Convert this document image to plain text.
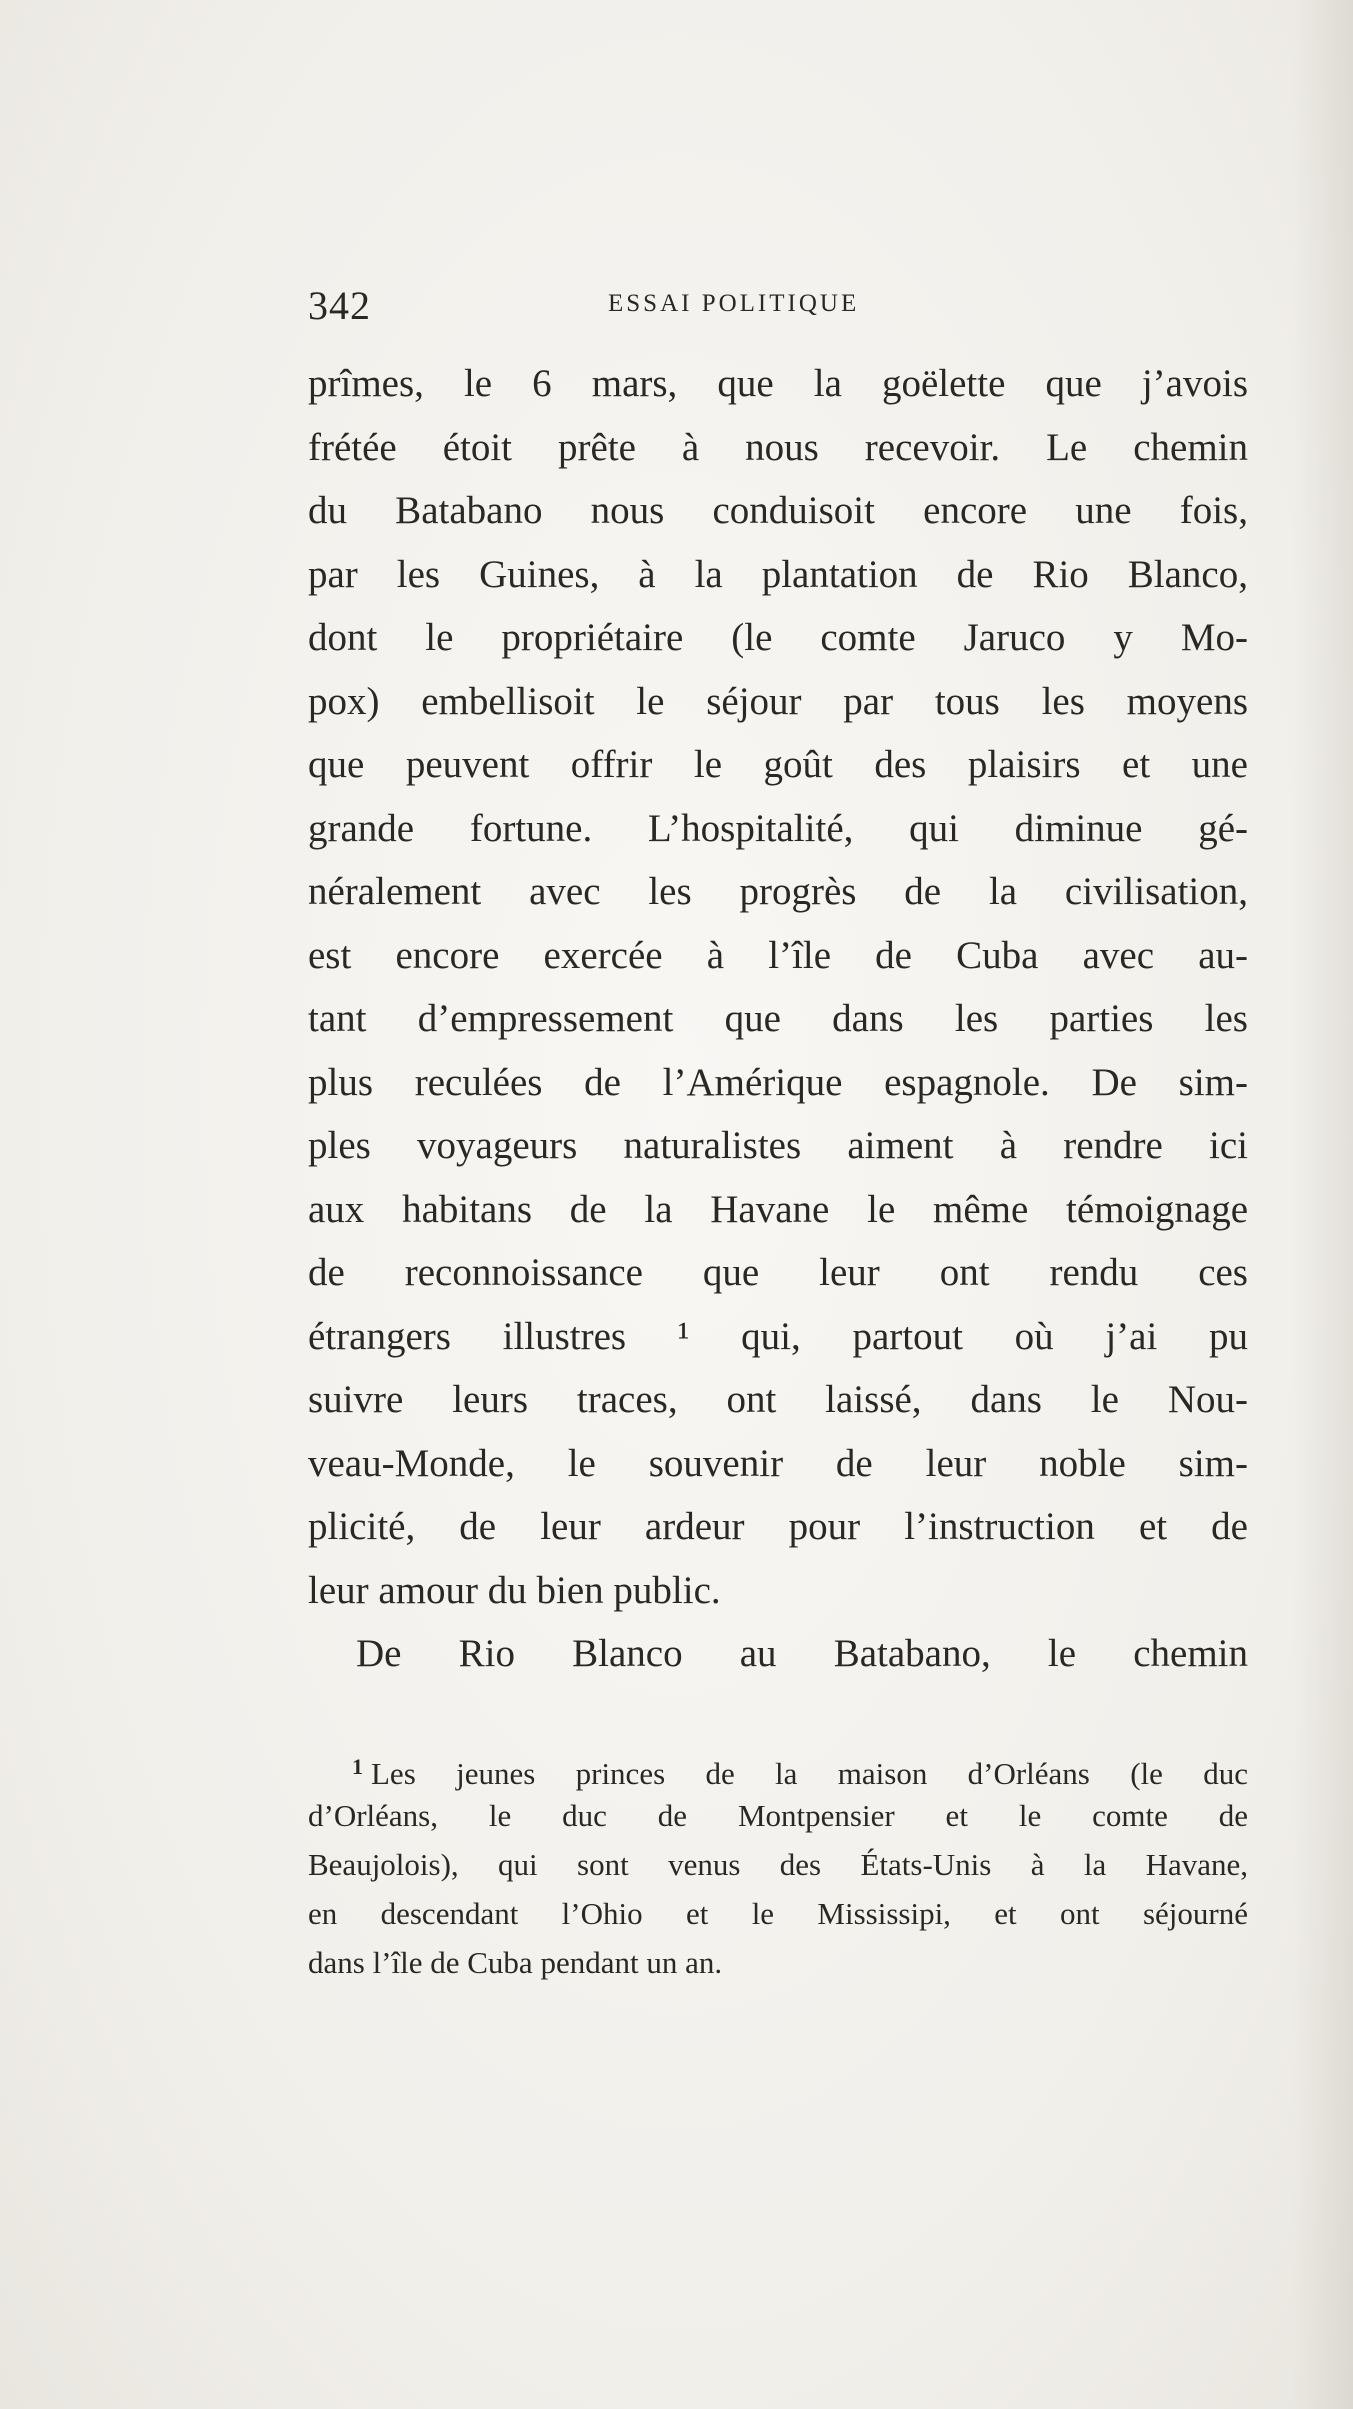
342	ESSAI POLITIQUE
prîmes, le 6 mars, que la goëlette que j’avois
frétée étoit prête à nous recevoir. Le chemin
du Batabano nous conduisoit encore une fois,
par les Guines, à la plantation de Rio Blanco,
dont le propriétaire (le comte Jaruco y Mo-
pox) embellisoit le séjour par tous les moyens
que peuvent offrir le goût des plaisirs et une
grande fortune. L’hospitalité, qui diminue gé-
néralement avec les progrès de la civilisation,
est encore exercée à l’île de Cuba avec au-
tant d’empressement que dans les parties les
plus reculées de l’Amérique espagnole. De sim-
ples voyageurs naturalistes aiment à rendre ici
aux habitans de la Havane le même témoignage
de reconnoissance que leur ont rendu ces
étrangers illustres ¹ qui, partout où j’ai pu
suivre leurs traces, ont laissé, dans le Nou-
veau-Monde, le souvenir de leur noble sim-
plicité, de leur ardeur pour l’instruction et de
leur amour du bien public.
De Rio Blanco au Batabano, le chemin
$^1$ Les jeunes princes de la maison d’Orléans (le duc
d’Orléans, le duc de Montpensier et le comte de
Beaujolois), qui sont venus des États-Unis à la Havane,
en descendant l’Ohio et le Mississipi, et ont séjourné
dans l’île de Cuba pendant un an.
